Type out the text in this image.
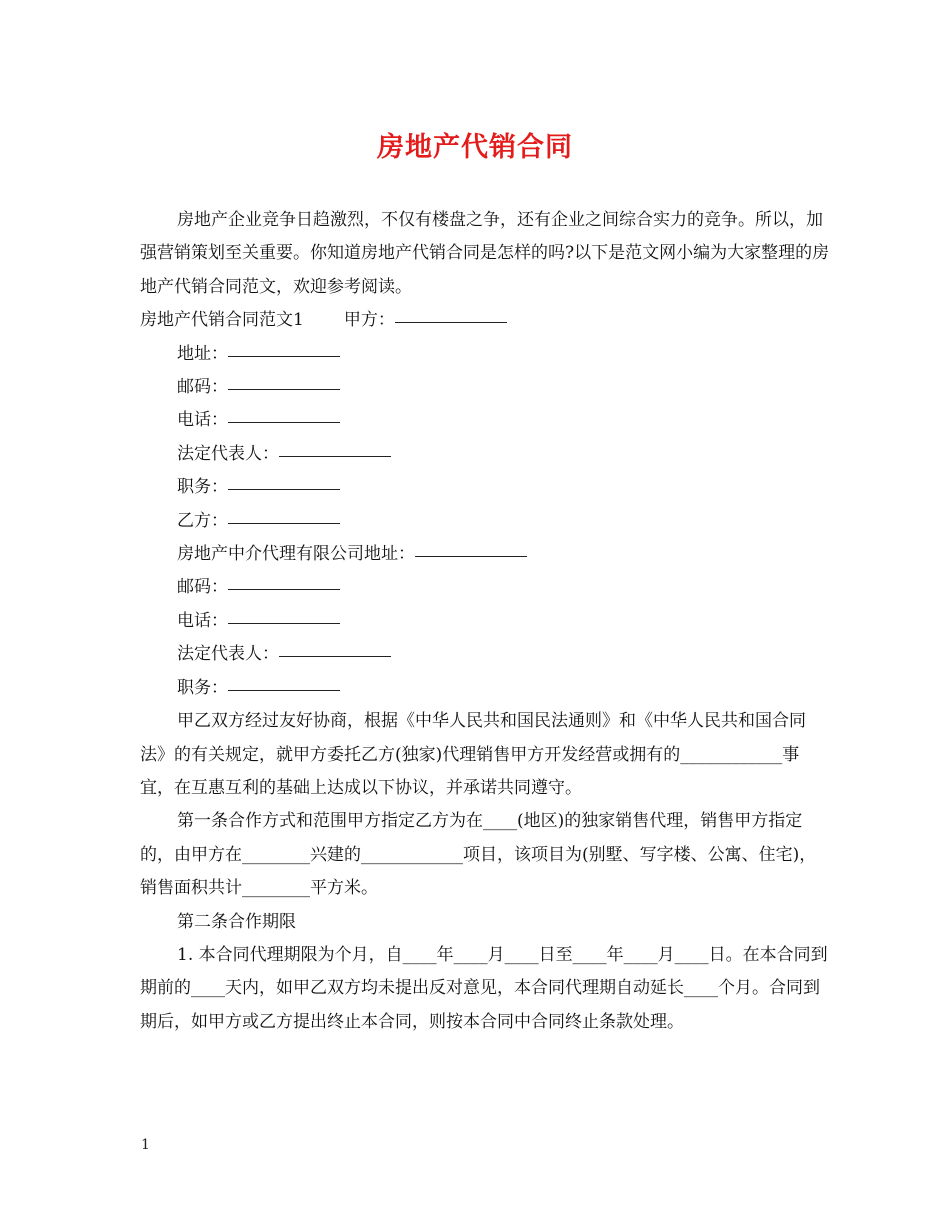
房地产代销合同

房地产企业竞争日趋激烈，不仅有楼盘之争，还有企业之间综合实力的竞争。所以，加强营销策划至关重要。你知道房地产代销合同是怎样的吗?以下是范文网小编为大家整理的房地产代销合同范文，欢迎参考阅读。

房地产代销合同范文1 甲方：

地址：

邮码：

电话：

法定代表人：

职务：

乙方：

房地产中介代理有限公司地址：

邮码：

电话：

法定代表人：

职务：

甲乙双方经过友好协商，根据《中华人民共和国民法通则》和《中华人民共和国合同法》的有关规定，就甲方委托乙方(独家)代理销售甲方开发经营或拥有的____________事宜，在互惠互利的基础上达成以下协议，并承诺共同遵守。

第一条合作方式和范围甲方指定乙方为在____(地区)的独家销售代理，销售甲方指定的，由甲方在________兴建的____________项目，该项目为(别墅、写字楼、公寓、住宅)，销售面积共计________平方米。

第二条合作期限

1. 本合同代理期限为个月，自____年____月____日至____年____月____日。在本合同到期前的____天内，如甲乙双方均未提出反对意见，本合同代理期自动延长____个月。合同到期后，如甲方或乙方提出终止本合同，则按本合同中合同终止条款处理。

1
